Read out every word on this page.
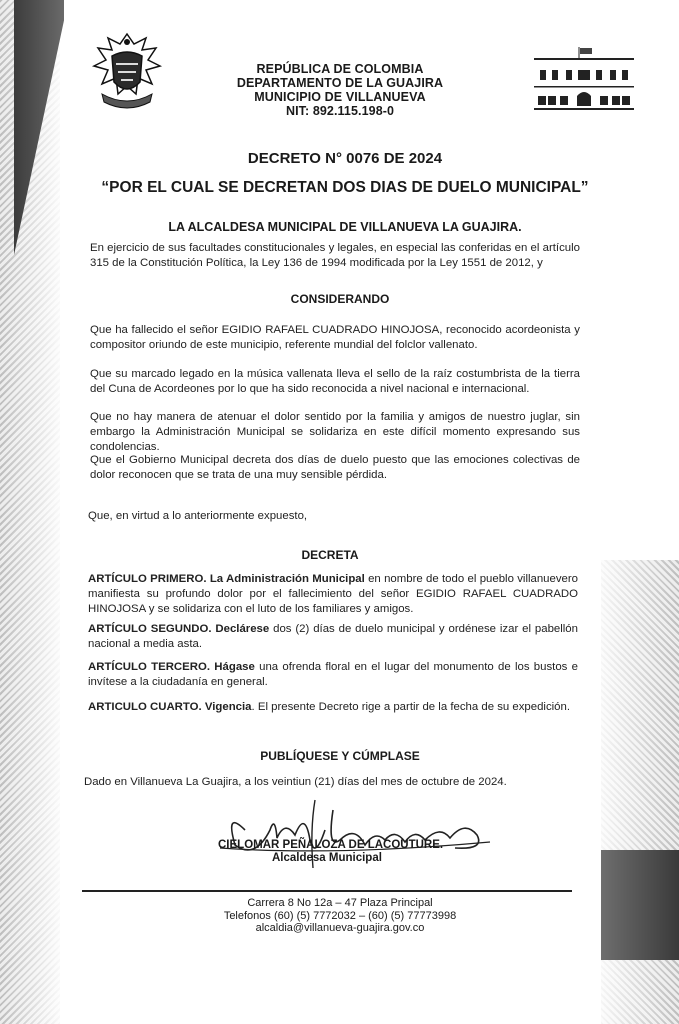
REPÚBLICA DE COLOMBIA
DEPARTAMENTO DE LA GUAJIRA
MUNICIPIO DE VILLANUEVA
NIT: 892.115.198-0
DECRETO N° 0076 DE 2024
“POR EL CUAL SE DECRETAN DOS DIAS DE DUELO MUNICIPAL”
LA ALCALDESA MUNICIPAL DE VILLANUEVA LA GUAJIRA.
En ejercicio de sus facultades constitucionales y legales, en especial las conferidas en el artículo 315 de la Constitución Política, la Ley 136 de 1994 modificada por la Ley 1551 de 2012, y
CONSIDERANDO
Que ha fallecido el señor EGIDIO RAFAEL CUADRADO HINOJOSA, reconocido acordeonista y compositor oriundo de este municipio, referente mundial del folclor vallenato.
Que su marcado legado en la música vallenata lleva el sello de la raíz costumbrista de la tierra del Cuna de Acordeones por lo que ha sido reconocida a nivel nacional e internacional.
Que no hay manera de atenuar el dolor sentido por la familia y amigos de nuestro juglar, sin embargo la Administración Municipal se solidariza en este difícil momento expresando sus condolencias.
Que el Gobierno Municipal decreta dos días de duelo puesto que las emociones colectivas de dolor reconocen que se trata de una muy sensible pérdida.
Que, en virtud a lo anteriormente expuesto,
DECRETA
ARTÍCULO PRIMERO. La Administración Municipal en nombre de todo el pueblo villanuevero manifiesta su profundo dolor por el fallecimiento del señor EGIDIO RAFAEL CUADRADO HINOJOSA y se solidariza con el luto de los familiares y amigos.
ARTÍCULO SEGUNDO. Declárese dos (2) días de duelo municipal y ordénese izar el pabellón nacional a media asta.
ARTÍCULO TERCERO. Hágase una ofrenda floral en el lugar del monumento de los bustos e invítese a la ciudadanía en general.
ARTICULO CUARTO. Vigencia. El presente Decreto rige a partir de la fecha de su expedición.
PUBLÍQUESE Y CÚMPLASE
Dado en Villanueva La Guajira, a los veintiun (21) días del mes de octubre de 2024.
CIELOMAR PEÑALOZA DE LACOUTURE.
Alcaldesa Municipal
Carrera 8 No 12a – 47 Plaza Principal
Telefonos (60) (5) 7772032 – (60) (5) 77773998
alcaldia@villanueva-guajira.gov.co
